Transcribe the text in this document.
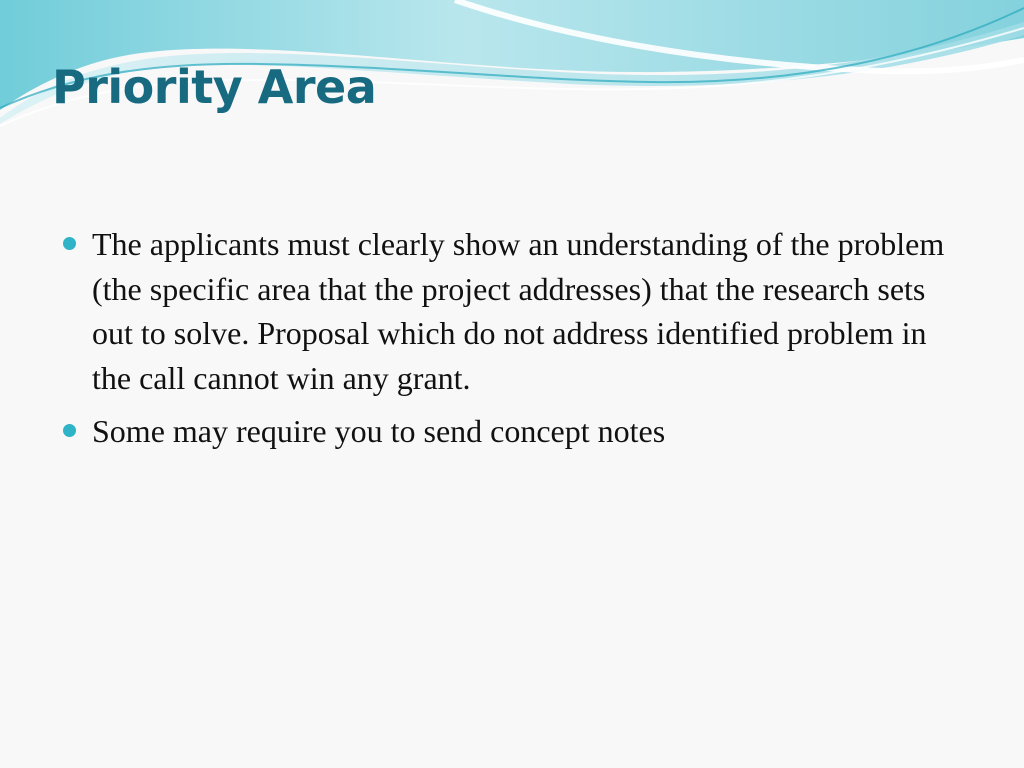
Priority Area
The applicants must clearly show an understanding of the problem (the specific area that the project addresses) that the research sets out to solve. Proposal which do not address identified problem in the call cannot win any grant.
Some may require you to send concept notes
